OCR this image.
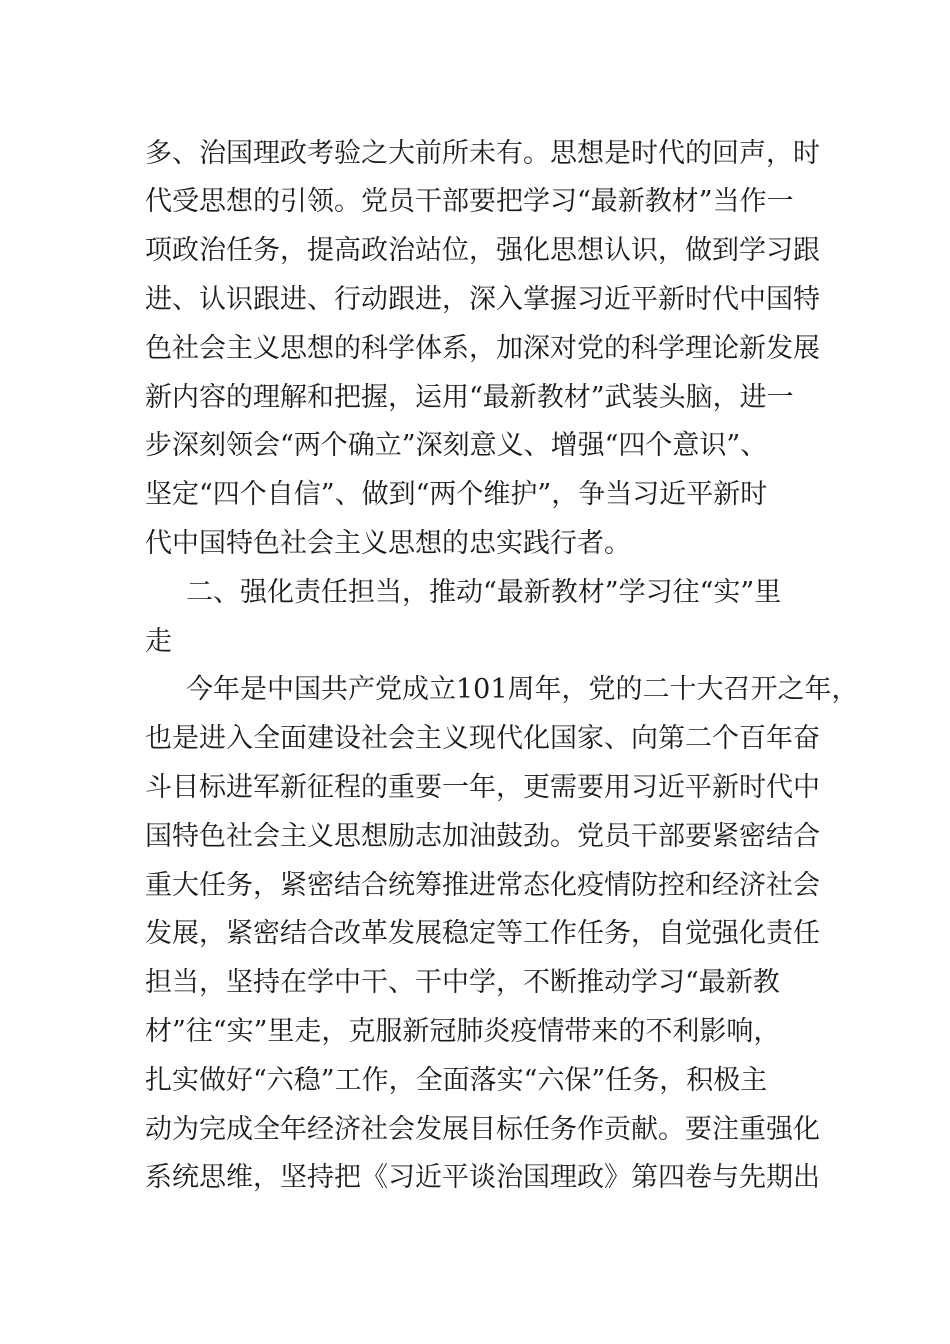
多、治国理政考验之大前所未有。思想是时代的回声，时
代受思想的引领。党员干部要把学习“最新教材”当作一
项政治任务，提高政治站位，强化思想认识，做到学习跟
进、认识跟进、行动跟进，深入掌握习近平新时代中国特
色社会主义思想的科学体系，加深对党的科学理论新发展
新内容的理解和把握，运用“最新教材”武装头脑，进一
步深刻领会“两个确立”深刻意义、增强“四个意识”、
坚定“四个自信”、做到“两个维护”，争当习近平新时
代中国特色社会主义思想的忠实践行者。
二、强化责任担当，推动“最新教材”学习往“实”里
走
今年是中国共产党成立101周年，党的二十大召开之年，
也是进入全面建设社会主义现代化国家、向第二个百年奋
斗目标进军新征程的重要一年，更需要用习近平新时代中
国特色社会主义思想励志加油鼓劲。党员干部要紧密结合
重大任务，紧密结合统筹推进常态化疫情防控和经济社会
发展，紧密结合改革发展稳定等工作任务，自觉强化责任
担当，坚持在学中干、干中学，不断推动学习“最新教
材”往“实”里走，克服新冠肺炎疫情带来的不利影响，
扎实做好“六稳”工作，全面落实“六保”任务，积极主
动为完成全年经济社会发展目标任务作贡献。要注重强化
系统思维，坚持把《习近平谈治国理政》第四卷与先期出
